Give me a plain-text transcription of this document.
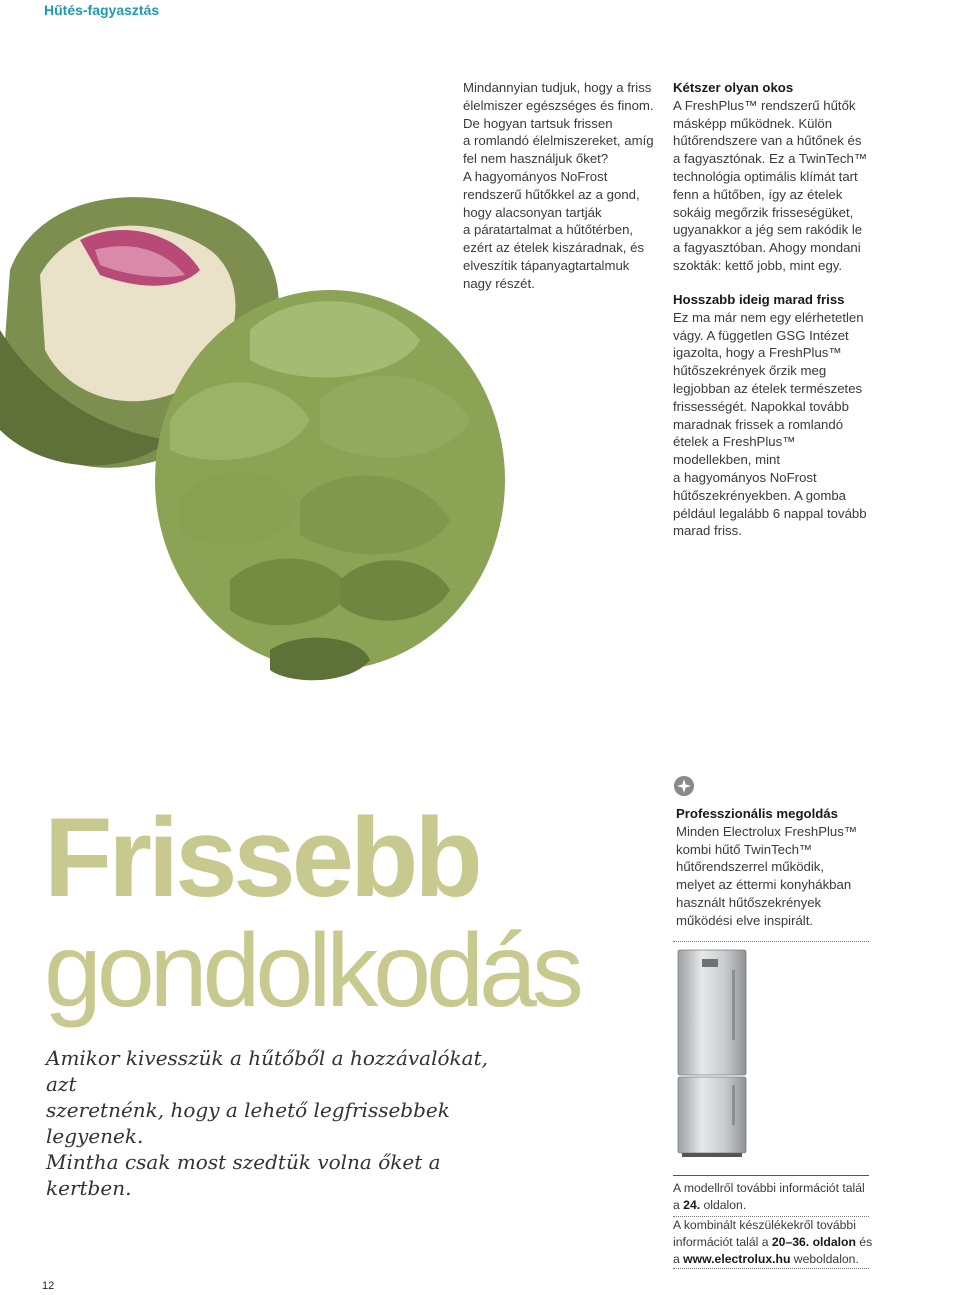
Hűtés-fagyasztás
Mindannyian tudjuk, hogy a friss
élelmiszer egészséges és finom.
De hogyan tartsuk frissen
a romlandó élelmiszereket, amíg
fel nem használjuk őket?
A hagyományos NoFrost
rendszerű hűtőkkel az a gond,
hogy alacsonyan tartják
a páratartalmat a hűtőtérben,
ezért az ételek kiszáradnak, és
elveszítik tápanyagtartalmuk
nagy részét.
Kétszer olyan okos
A FreshPlus™ rendszerű hűtők
másképp működnek. Külön
hűtőrendszere van a hűtőnek és
a fagyasztónak. Ez a TwinTech™
technológia optimális klímát tart
fenn a hűtőben, így az ételek
sokáig megőrzik frisseségüket,
ugyanakkor a jég sem rakódik le
a fagyasztóban. Ahogy mondani
szokták: kettő jobb, mint egy.
Hosszabb ideig marad friss
Ez ma már nem egy elérhetetlen
vágy. A független GSG Intézet
igazolta, hogy a FreshPlus™
hűtőszekrények őrzik meg
legjobban az ételek természetes
frissességét. Napokkal tovább
maradnak frissek a romlandó
ételek a FreshPlus™
modellekben, mint
a hagyományos NoFrost
hűtőszekrényekben. A gomba
például legalább 6 nappal tovább
marad friss.
Frissebb
gondolkodás
Amikor kivesszük a hűtőből a hozzávalókat, azt
szeretnénk, hogy a lehető legfrissebbek legyenek.
Mintha csak most szedtük volna őket a kertben.
Professzionális megoldás
Minden Electrolux FreshPlus™
kombi hűtő TwinTech™
hűtőrendszerrel működik,
melyet az éttermi konyhákban
használt hűtőszekrények
működési elve inspirált.
A modellről további információt talál
a 24. oldalon.
A kombinált készülékekről további
információt talál a 20–36. oldalon és
a www.electrolux.hu weboldalon.
12
